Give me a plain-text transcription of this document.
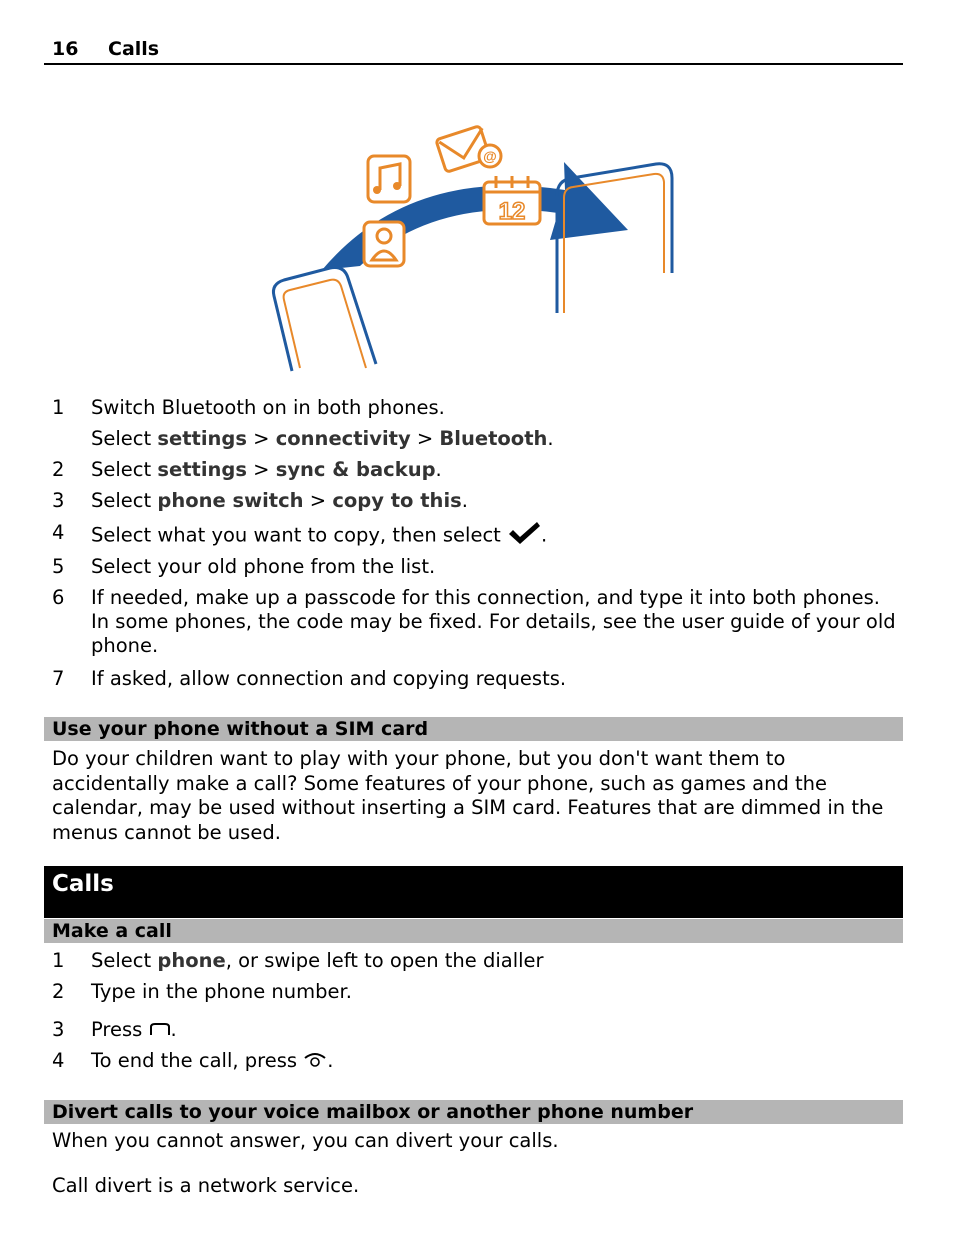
16 Calls
@
12
1 Switch Bluetooth on in both phones.
Select settings > connectivity > Bluetooth.
2 Select settings > sync & backup.
3 Select phone switch > copy to this.
4 Select what you want to copy, then select .
5 Select your old phone from the list.
6 If needed, make up a passcode for this connection, and type it into both phones. In some phones, the code may be fixed. For details, see the user guide of your old phone.
7 If asked, allow connection and copying requests.
Use your phone without a SIM card
Do your children want to play with your phone, but you don't want them to accidentally make a call? Some features of your phone, such as games and the calendar, may be used without inserting a SIM card. Features that are dimmed in the menus cannot be used.
Calls
Make a call
1 Select phone, or swipe left to open the dialler
2 Type in the phone number.
3 Press .
4 To end the call, press .
Divert calls to your voice mailbox or another phone number
When you cannot answer, you can divert your calls.
Call divert is a network service.
